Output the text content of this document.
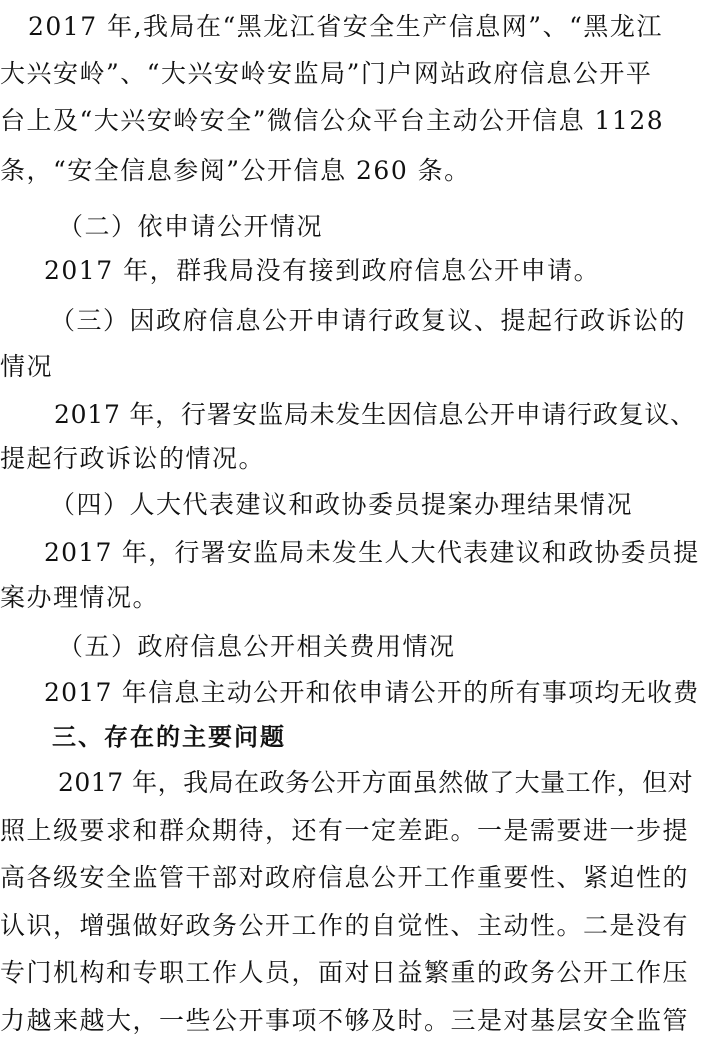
2017 年,我局在“黑龙江省安全生产信息网”、“黑龙江
大兴安岭”、“大兴安岭安监局”门户网站政府信息公开平
台上及“大兴安岭安全”微信公众平台主动公开信息 1128
条，“安全信息参阅”公开信息 260 条。
（二）依申请公开情况
2017 年，群我局没有接到政府信息公开申请。
（三）因政府信息公开申请行政复议、提起行政诉讼的
情况
2017 年，行署安监局未发生因信息公开申请行政复议、
提起行政诉讼的情况。
（四）人大代表建议和政协委员提案办理结果情况
2017 年，行署安监局未发生人大代表建议和政协委员提
案办理情况。
（五）政府信息公开相关费用情况
2017 年信息主动公开和依申请公开的所有事项均无收费
三、存在的主要问题
2017 年，我局在政务公开方面虽然做了大量工作，但对
照上级要求和群众期待，还有一定差距。一是需要进一步提
高各级安全监管干部对政府信息公开工作重要性、紧迫性的
认识，增强做好政务公开工作的自觉性、主动性。二是没有
专门机构和专职工作人员，面对日益繁重的政务公开工作压
力越来越大，一些公开事项不够及时。三是对基层安全监管
